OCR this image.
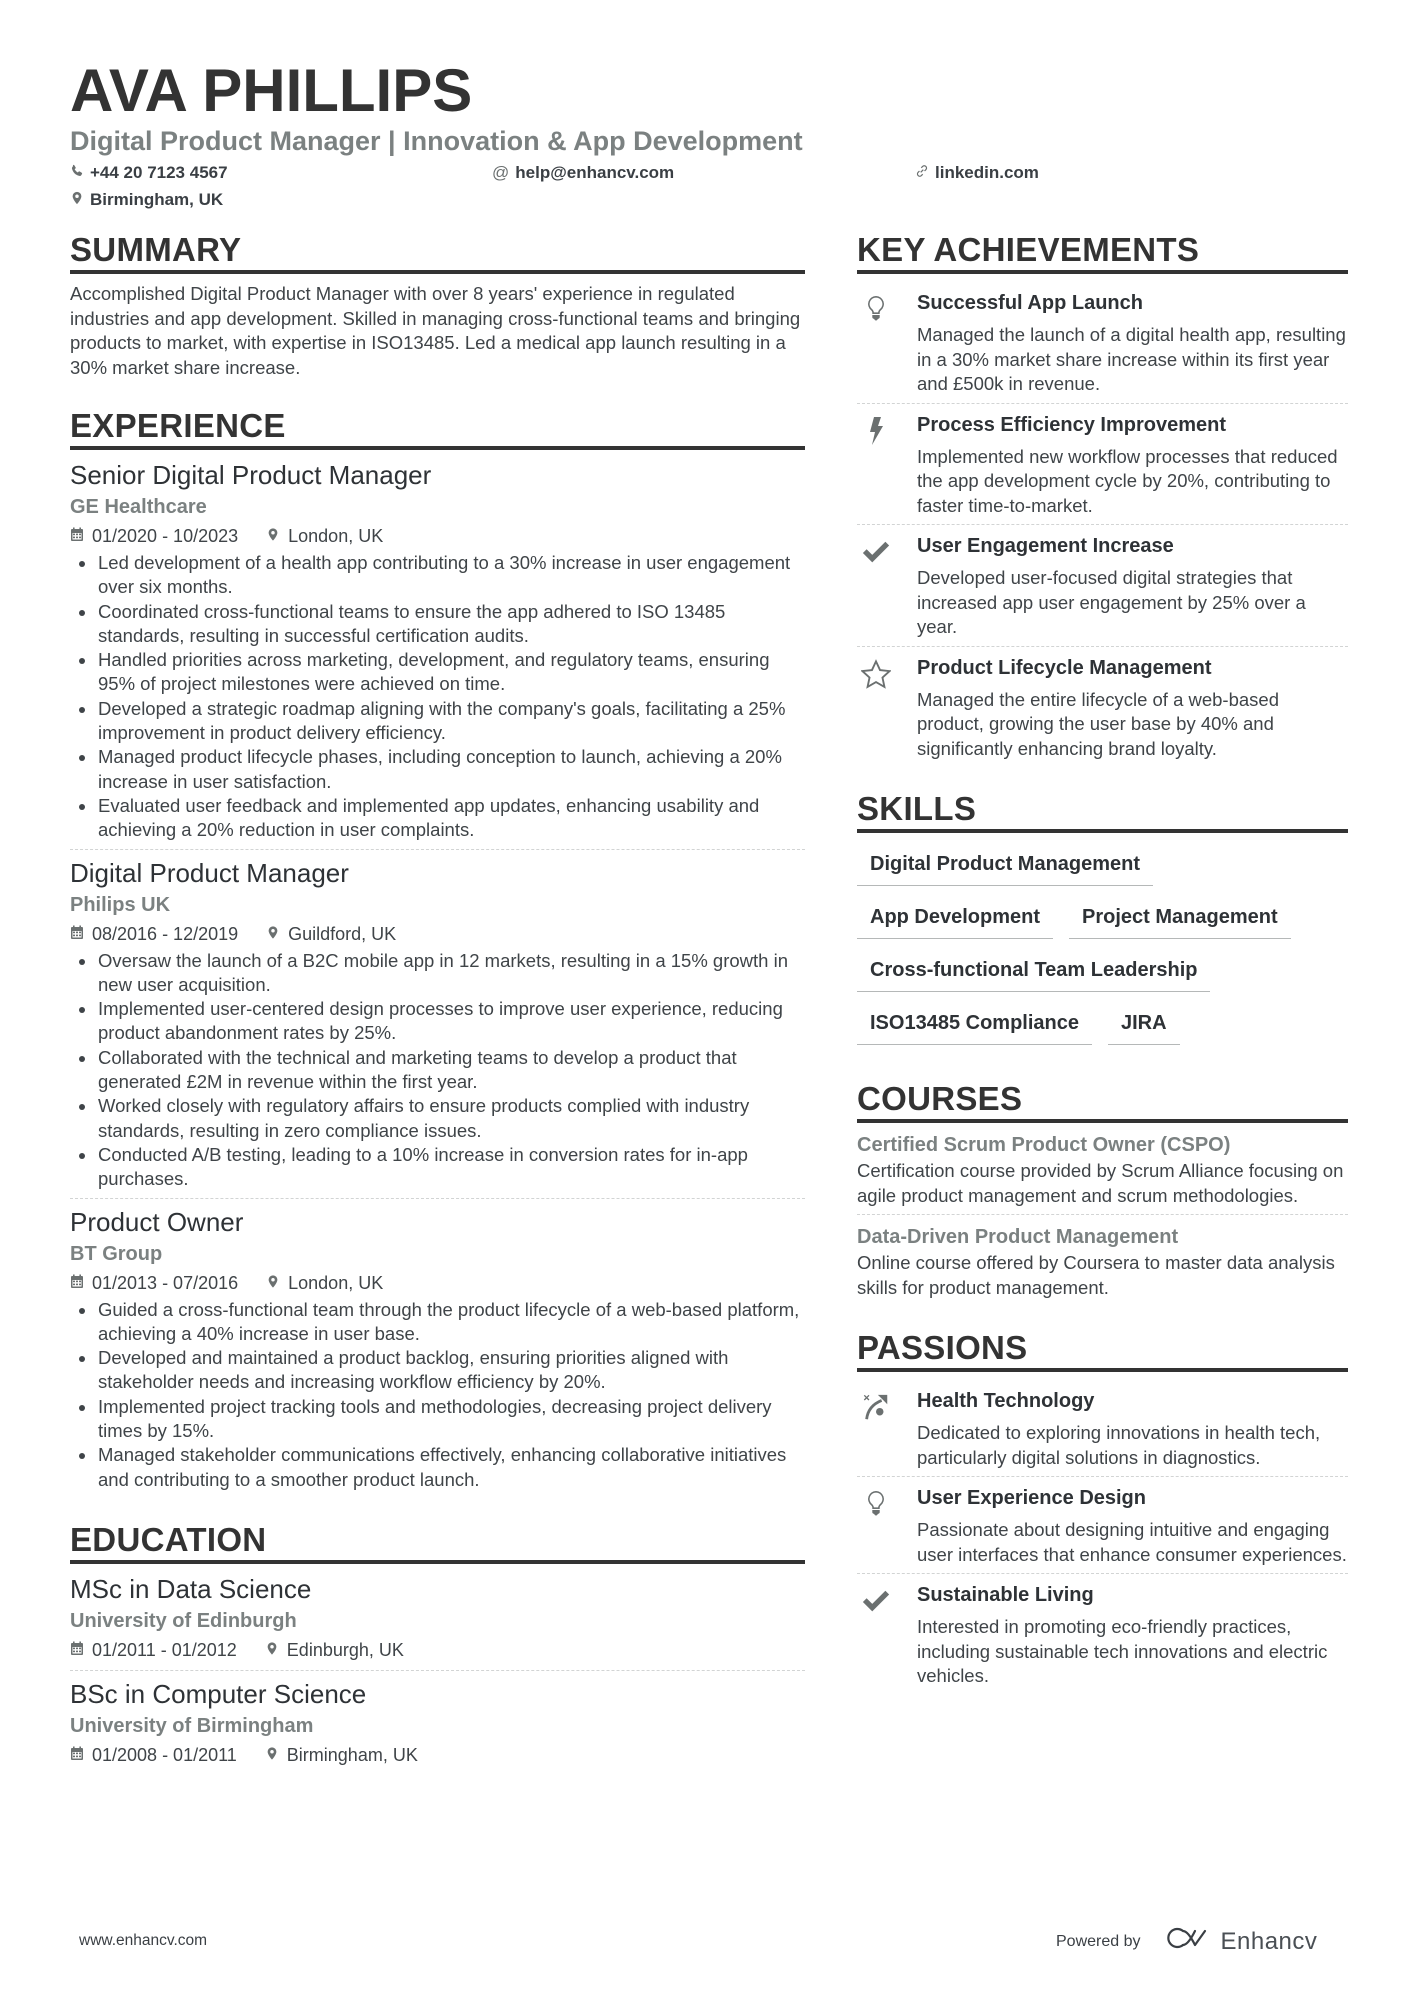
AVA PHILLIPS
Digital Product Manager | Innovation & App Development
+44 20 7123 4567	@ help@enhancv.com	linkedin.com
Birmingham, UK
SUMMARY
Accomplished Digital Product Manager with over 8 years' experience in regulated industries and app development. Skilled in managing cross-functional teams and bringing products to market, with expertise in ISO13485. Led a medical app launch resulting in a 30% market share increase.
EXPERIENCE
Senior Digital Product Manager
GE Healthcare
01/2020 - 10/2023	London, UK
Led development of a health app contributing to a 30% increase in user engagement over six months.
Coordinated cross-functional teams to ensure the app adhered to ISO 13485 standards, resulting in successful certification audits.
Handled priorities across marketing, development, and regulatory teams, ensuring 95% of project milestones were achieved on time.
Developed a strategic roadmap aligning with the company's goals, facilitating a 25% improvement in product delivery efficiency.
Managed product lifecycle phases, including conception to launch, achieving a 20% increase in user satisfaction.
Evaluated user feedback and implemented app updates, enhancing usability and achieving a 20% reduction in user complaints.
Digital Product Manager
Philips UK
08/2016 - 12/2019	Guildford, UK
Oversaw the launch of a B2C mobile app in 12 markets, resulting in a 15% growth in new user acquisition.
Implemented user-centered design processes to improve user experience, reducing product abandonment rates by 25%.
Collaborated with the technical and marketing teams to develop a product that generated £2M in revenue within the first year.
Worked closely with regulatory affairs to ensure products complied with industry standards, resulting in zero compliance issues.
Conducted A/B testing, leading to a 10% increase in conversion rates for in-app purchases.
Product Owner
BT Group
01/2013 - 07/2016	London, UK
Guided a cross-functional team through the product lifecycle of a web-based platform, achieving a 40% increase in user base.
Developed and maintained a product backlog, ensuring priorities aligned with stakeholder needs and increasing workflow efficiency by 20%.
Implemented project tracking tools and methodologies, decreasing project delivery times by 15%.
Managed stakeholder communications effectively, enhancing collaborative initiatives and contributing to a smoother product launch.
EDUCATION
MSc in Data Science
University of Edinburgh
01/2011 - 01/2012	Edinburgh, UK
BSc in Computer Science
University of Birmingham
01/2008 - 01/2011	Birmingham, UK
KEY ACHIEVEMENTS
Successful App Launch
Managed the launch of a digital health app, resulting in a 30% market share increase within its first year and £500k in revenue.
Process Efficiency Improvement
Implemented new workflow processes that reduced the app development cycle by 20%, contributing to faster time-to-market.
User Engagement Increase
Developed user-focused digital strategies that increased app user engagement by 25% over a year.
Product Lifecycle Management
Managed the entire lifecycle of a web-based product, growing the user base by 40% and significantly enhancing brand loyalty.
SKILLS
Digital Product Management
App Development	Project Management
Cross-functional Team Leadership
ISO13485 Compliance	JIRA
COURSES
Certified Scrum Product Owner (CSPO)
Certification course provided by Scrum Alliance focusing on agile product management and scrum methodologies.
Data-Driven Product Management
Online course offered by Coursera to master data analysis skills for product management.
PASSIONS
Health Technology
Dedicated to exploring innovations in health tech, particularly digital solutions in diagnostics.
User Experience Design
Passionate about designing intuitive and engaging user interfaces that enhance consumer experiences.
Sustainable Living
Interested in promoting eco-friendly practices, including sustainable tech innovations and electric vehicles.
www.enhancv.com	Powered by	Enhancv
